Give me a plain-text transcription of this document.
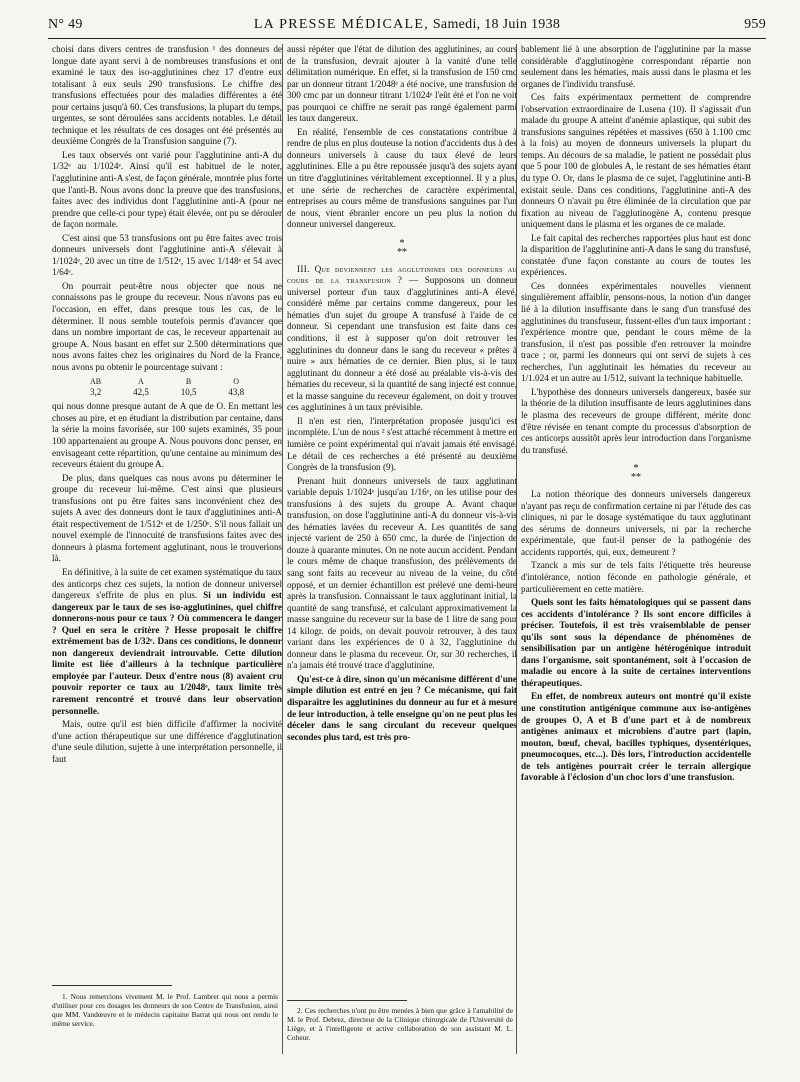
N° 49	LA PRESSE MÉDICALE, Samedi, 18 Juin 1938	959

choisi dans divers centres de transfusion ¹ des donneurs de longue date ayant servi à de nombreuses transfusions et ont examiné le taux des iso-agglutinines chez 17 d'entre eux totalisant à eux seuls 290 transfusions. Le chiffre des transfusions effectuées pour des maladies différentes a été pour certains jusqu'à 60. Ces transfusions, la plupart du temps, urgentes, se sont déroulées sans accidents notables. Le détail technique et les résultats de ces dosages ont été présentés au deuxième Congrès de la Transfusion sanguine (7).

Les taux observés ont varié pour l'agglutinine anti-A du 1/32ᵉ au 1/1024ᵉ. Ainsi qu'il est habituel de le noter, l'agglutinine anti-A s'est, de façon générale, montrée plus forte que l'anti-B. Nous avons donc la preuve que des transfusions, faites avec des individus dont l'agglutinine anti-A (pour ne prendre que celle-ci pour type) était élevée, ont pu se dérouler de façon normale.

C'est ainsi que 53 transfusions ont pu être faites avec trois donneurs universels dont l'agglutinine anti-A s'élevait à 1/1024ᵉ, 20 avec un titre de 1/512ᵉ, 15 avec 1/148ᵉ et 54 avec 1/64ᵉ.

On pourrait peut-être nous objecter que nous ne connaissons pas le groupe du receveur. Nous n'avons pas eu l'occasion, en effet, dans presque tous les cas, de le déterminer. Il nous semble toutefois permis d'avancer que dans un nombre important de cas, le receveur appartenait au groupe A. Nous basant en effet sur 2.500 déterminations que nous avons faites chez les originaires du Nord de la France, nous avons pu obtenir le pourcentage suivant :

AB
3,2
A
42,5
B
10,5
O
43,8

qui nous donne presque autant de A que de O. En mettant les choses au pire, et en étudiant la distribution par centaine, dans la série la moins favorisée, sur 100 sujets examinés, 35 pour 100 appartenaient au groupe A. Nous pouvons donc penser, en envisageant cette répartition, qu'une centaine au minimum des receveurs étaient du groupe A.

De plus, dans quelques cas nous avons pu déterminer le groupe du receveur lui-même. C'est ainsi que plusieurs transfusions ont pu être faites sans inconvénient chez des sujets A avec des donneurs dont le taux d'agglutinines anti-A était respectivement de 1/512ᵉ et de 1/250ᵉ. S'il nous fallait un nouvel exemple de l'innocuité de transfusions faites avec des donneurs à plasma fortement agglutinant, nous le trouverions là.

En définitive, à la suite de cet examen systématique du taux des anticorps chez ces sujets, la notion de donneur universel dangereux s'effrite de plus en plus. Si un individu est dangereux par le taux de ses iso-agglutinines, quel chiffre donnerons-nous pour ce taux ? Où commencera le danger ? Quel en sera le critère ? Hesse proposait le chiffre extrêmement bas de 1/32ᵉ. Dans ces conditions, le donneur non dangereux deviendrait introuvable. Cette dilution limite est liée d'ailleurs à la technique particulière employée par l'auteur. Deux d'entre nous (8) avaient cru pouvoir reporter ce taux au 1/2048ᵉ, taux limite très rarement rencontré et trouvé dans leur observation personnelle.

Mais, outre qu'il est bien difficile d'affirmer la nocivité d'une action thérapeutique sur une différence d'agglutination d'une seule dilution, sujette à une interprétation personnelle, il faut

1. Nous remercions vivement M. le Prof. Lambret qui nous a permis d'utiliser pour ces dosages les donneurs de son Centre de Transfusion, ainsi que MM. Vandœuvre et le médecin capitaine Barrat qui nous ont rendu le même service.

aussi répéter que l'état de dilution des agglutinines, au cours de la transfusion, devrait ajouter à la vanité d'une telle délimitation numérique. En effet, si la transfusion de 150 cmc par un donneur titrant 1/2048ᵉ a été nocive, une transfusion de 300 cmc par un donneur titrant 1/1024ᵉ l'eût été et l'on ne voit pas pourquoi ce chiffre ne serait pas rangé également parmi les taux dangereux.

En réalité, l'ensemble de ces constatations contribue à rendre de plus en plus douteuse la notion d'accidents dus à des donneurs universels à cause du taux élevé de leurs agglutinines. Elle a pu être repoussée jusqu'à des sujets ayant un titre d'agglutinines véritablement exceptionnel. Il y a plus, et une série de recherches de caractère expérimental, entreprises au cours même de transfusions sanguines par l'un de nous, vient ébranler encore un peu plus la notion du donneur universel dangereux.

*
**

III. Que deviennent les agglutinines des donneurs au cours de la transfusion ? — Supposons un donneur universel porteur d'un taux d'agglutinines anti-A élevé, considéré même par certains comme dangereux, pour les hématies d'un sujet du groupe A transfusé à l'aide de ce donneur. Si cependant une transfusion est faite dans ces conditions, il est à supposer qu'on doit retrouver les agglutinines du donneur dans le sang du receveur « prêtes à nuire » aux hématies de ce dernier. Bien plus, si le taux agglutinant du donneur a été dosé au préalable vis-à-vis des hématies du receveur, si la quantité de sang injecté est connue, et la masse sanguine du receveur également, on doit y trouver ces agglutinines à un taux prévisible.

Il n'en est rien, l'interprétation proposée jusqu'ici est incomplète. L'un de nous ² s'est attaché récemment à mettre en lumière ce point expérimental qui n'avait jamais été envisagé. Le détail de ces recherches a été présenté au deuxième Congrès de la transfusion (9).

Prenant huit donneurs universels de taux agglutinant variable depuis 1/1024ᵉ jusqu'au 1/16ᵉ, on les utilise pour des transfusions à des sujets du groupe A. Avant chaque transfusion, on dose l'agglutinine anti-A du donneur vis-à-vis des hématies lavées du receveur A. Les quantités de sang injecté varient de 250 à 650 cmc, la durée de l'injection de douze à quarante minutes. On ne note aucun accident. Pendant le cours même de chaque transfusion, des prélèvements de sang sont faits au receveur au niveau de la veine, du côté opposé, et un dernier échantillon est prélevé une demi-heure après la transfusion. Connaissant le taux agglutinant initial, la quantité de sang transfusé, et calculant approximativement la masse sanguine du receveur sur la base de 1 litre de sang pour 14 kilogr. de poids, on devait pouvoir retrouver, à des taux variant dans les expériences de 0 à 32, l'agglutinine du donneur dans le plasma du receveur. Or, sur 30 recherches, il n'a jamais été trouvé trace d'agglutinine.

Qu'est-ce à dire, sinon qu'un mécanisme différent d'une simple dilution est entré en jeu ? Ce mécanisme, qui fait disparaître les agglutinines du donneur au fur et à mesure de leur introduction, à telle enseigne qu'on ne peut plus les déceler dans le sang circulant du receveur quelques secondes plus tard, est très pro-

2. Ces recherches n'ont pu être menées à bien que grâce à l'amabilité de M. le Prof. Debrez, directeur de la Clinique chirurgicale de l'Université de Liège, et à l'intelligente et active collaboration de son assistant M. L. Coheur.

bablement lié à une absorption de l'agglutinine par la masse considérable d'agglutinogène correspondant répartie non seulement dans les hématies, mais aussi dans le plasma et les organes de l'individu transfusé.

Ces faits expérimentaux permettent de comprendre l'observation extraordinaire de Lusena (10). Il s'agissait d'un malade du groupe A atteint d'anémie aplastique, qui subit des transfusions sanguines répétées et massives (650 à 1.100 cmc à la fois) au moyen de donneurs universels la plupart du temps. Au décours de sa maladie, le patient ne possédait plus que 5 pour 100 de globules A, le restant de ses hématies étant du type O. Or, dans le plasma de ce sujet, l'agglutinine anti-B existait seule. Dans ces conditions, l'agglutinine anti-A des donneurs O n'avait pu être éliminée de la circulation que par fixation au niveau de l'agglutinogène A, contenu presque uniquement dans le plasma et les organes de ce malade.

Le fait capital des recherches rapportées plus haut est donc la disparition de l'agglutinine anti-A dans le sang du transfusé, constatée d'une façon constante au cours de toutes les expériences.

Ces données expérimentales nouvelles viennent singulièrement affaiblir, pensons-nous, la notion d'un danger lié à la dilution insuffisante dans le sang d'un transfusé des agglutinines du transfuseur, fussent-elles d'un taux important : l'expérience montre que, pendant le cours même de la transfusion, il n'est pas possible d'en retrouver la moindre trace ; or, parmi les donneurs qui ont servi de sujets à ces recherches, l'un agglutinait les hématies du receveur au 1/1.024 et un autre au 1/512, suivant la technique habituelle.

L'hypothèse des donneurs universels dangereux, basée sur la théorie de la dilution insuffisante de leurs agglutinines dans le plasma des receveurs de groupe différent, mérite donc d'être révisée en tenant compte du processus d'absorption de ces anticorps aussitôt après leur introduction dans l'organisme du transfusé.

*
**

La notion théorique des donneurs universels dangereux n'ayant pas reçu de confirmation certaine ni par l'étude des cas cliniques, ni par le dosage systématique du taux agglutinant des sérums de donneurs universels, ni par la recherche expérimentale, que faut-il penser de la pathogénie des accidents rapportés, qui, eux, demeurent ?

Tzanck a mis sur de tels faits l'étiquette très heureuse d'intolérance, notion féconde en pathologie générale, et particulièrement en cette matière.

Quels sont les faits hématologiques qui se passent dans ces accidents d'intolérance ? Ils sont encore difficiles à préciser. Toutefois, il est très vraisemblable de penser qu'ils sont sous la dépendance de phénomènes de sensibilisation par un antigène hétérogénique introduit dans l'organisme, soit spontanément, soit à l'occasion de maladie ou encore à la suite de certaines interventions thérapeutiques.

En effet, de nombreux auteurs ont montré qu'il existe une constitution antigénique commune aux iso-antigènes de groupes O, A et B d'une part et à de nombreux antigènes animaux et microbiens d'autre part (lapin, mouton, bœuf, cheval, bacilles typhiques, dysentériques, pneumocoques, etc...). Dès lors, l'introduction accidentelle de tels antigènes pourrait créer le terrain allergique favorable à l'éclosion d'un choc lors d'une transfusion.
